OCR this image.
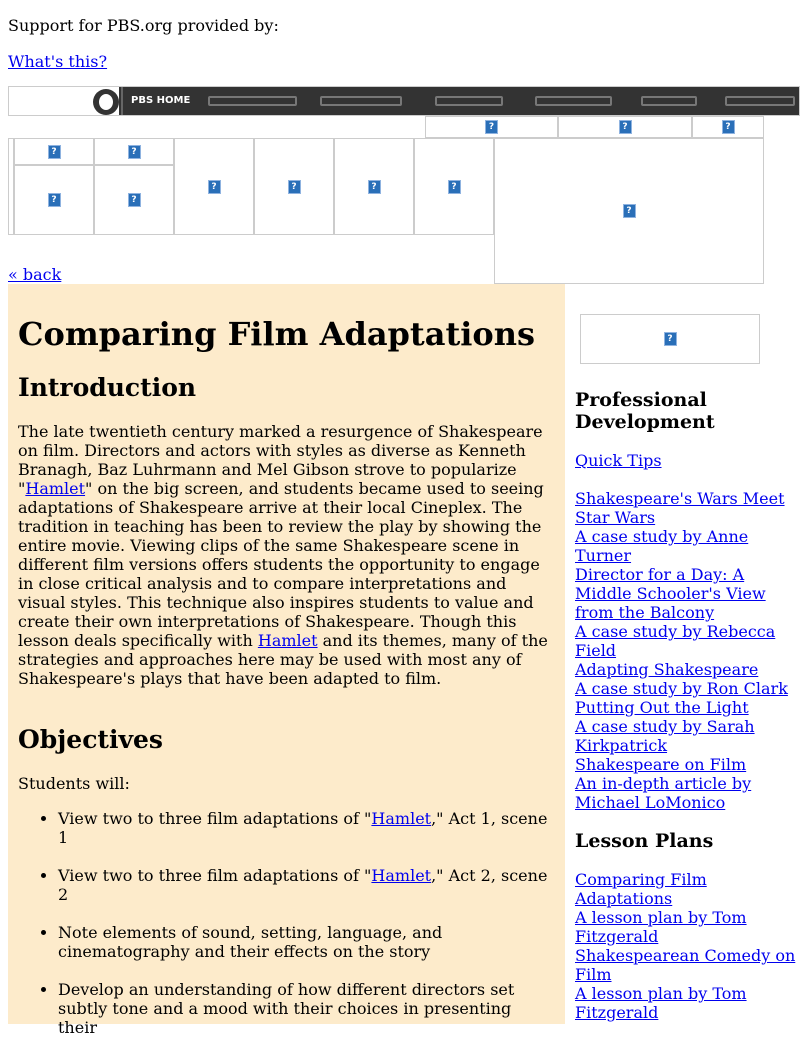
Support for PBS.org provided by:
What's this?
PBS HOME
?	?	?
?	?
?	?
?	?	?	?
?
« back
Comparing Film Adaptations
Introduction

The late twentieth century marked a resurgence of Shakespeare on film. Directors and actors with styles as diverse as Kenneth Branagh, Baz Luhrmann and Mel Gibson strove to popularize "Hamlet" on the big screen, and students became used to seeing adaptations of Shakespeare arrive at their local Cineplex. The tradition in teaching has been to review the play by showing the entire movie. Viewing clips of the same Shakespeare scene in different film versions offers students the opportunity to engage in close critical analysis and to compare interpretations and visual styles. This technique also inspires students to value and create their own interpretations of Shakespeare. Though this lesson deals specifically with Hamlet and its themes, many of the strategies and approaches here may be used with most any of Shakespeare's plays that have been adapted to film.

Objectives

Students will:

• View two to three film adaptations of "Hamlet," Act 1, scene 1
• View two to three film adaptations of "Hamlet," Act 2, scene 2
• Note elements of sound, setting, language, and cinematography and their effects on the story
• Develop an understanding of how different directors set subtly tone and a mood with their choices in presenting their
?
Professional Development
Quick Tips
Shakespeare's Wars Meet Star Wars
A case study by Anne Turner
Director for a Day: A Middle Schooler's View from the Balcony
A case study by Rebecca Field
Adapting Shakespeare
A case study by Ron Clark
Putting Out the Light
A case study by Sarah Kirkpatrick
Shakespeare on Film
An in-depth article by Michael LoMonico
Lesson Plans
Comparing Film Adaptations
A lesson plan by Tom Fitzgerald
Shakespearean Comedy on Film
A lesson plan by Tom Fitzgerald
